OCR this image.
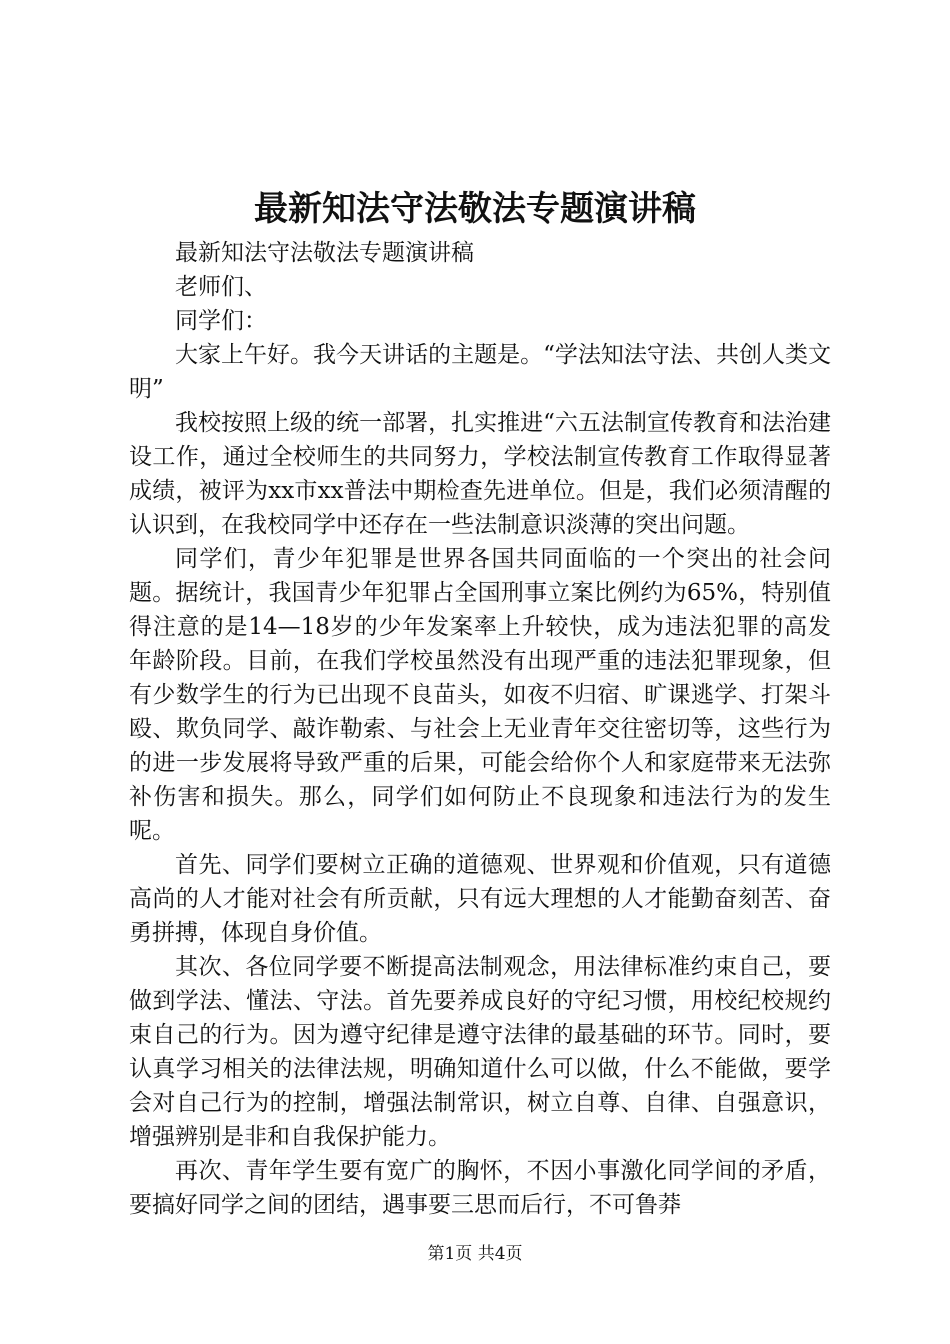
最新知法守法敬法专题演讲稿

最新知法守法敬法专题演讲稿

老师们、

同学们：

大家上午好。我今天讲话的主题是。“学法知法守法、共创人类文明”

我校按照上级的统一部署，扎实推进“六五法制宣传教育和法治建设工作，通过全校师生的共同努力，学校法制宣传教育工作取得显著成绩，被评为xx市xx普法中期检查先进单位。但是，我们必须清醒的认识到，在我校同学中还存在一些法制意识淡薄的突出问题。

同学们，青少年犯罪是世界各国共同面临的一个突出的社会问题。据统计，我国青少年犯罪占全国刑事立案比例约为65%，特别值得注意的是14—18岁的少年发案率上升较快，成为违法犯罪的高发年龄阶段。目前，在我们学校虽然没有出现严重的违法犯罪现象，但有少数学生的行为已出现不良苗头，如夜不归宿、旷课逃学、打架斗殴、欺负同学、敲诈勒索、与社会上无业青年交往密切等，这些行为的进一步发展将导致严重的后果，可能会给你个人和家庭带来无法弥补伤害和损失。那么，同学们如何防止不良现象和违法行为的发生呢。

首先、同学们要树立正确的道德观、世界观和价值观，只有道德高尚的人才能对社会有所贡献，只有远大理想的人才能勤奋刻苦、奋勇拼搏，体现自身价值。

其次、各位同学要不断提高法制观念，用法律标准约束自己，要做到学法、懂法、守法。首先要养成良好的守纪习惯，用校纪校规约束自己的行为。因为遵守纪律是遵守法律的最基础的环节。同时，要认真学习相关的法律法规，明确知道什么可以做，什么不能做，要学会对自己行为的控制，增强法制常识，树立自尊、自律、自强意识，增强辨别是非和自我保护能力。

再次、青年学生要有宽广的胸怀，不因小事激化同学间的矛盾，要搞好同学之间的团结，遇事要三思而后行，不可鲁莽

第1页 共4页
